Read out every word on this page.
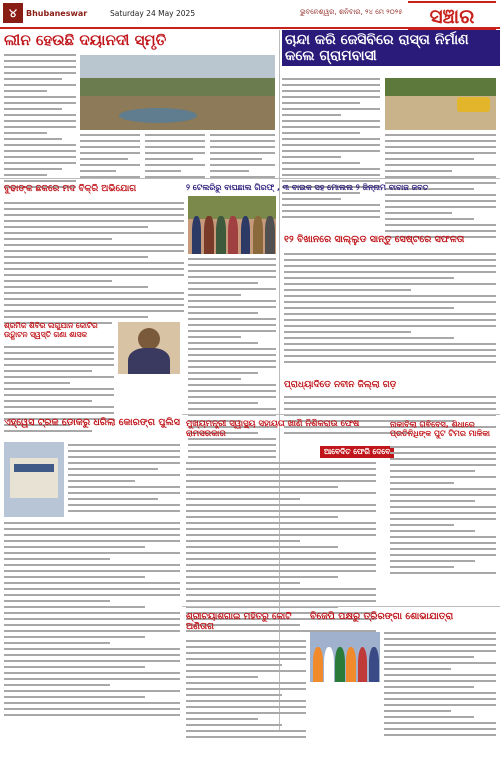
୪	Bhubaneswar	Saturday 24 May 2025	ଭୁବନେଶ୍ୱର, ଶନିବାର, ୨୪ ମେ ୨୦୨୫	ସଞ୍ଚାର
ଲୀନ ହେଉଛି ଦୟାନଦୀ ସ୍ମୃତି	ଚାନ୍ଦା କରି ଜେସିବିରେ ରାସ୍ତା ନିର୍ମାଣ କଲେ ଗ୍ରାମବାସୀ
ବୁଢାଙ୍କ ଛକରେ ମଦ ବିକ୍ରି ଅଭିଯୋଗ	୨ ଟେଲରିରୁ ବାଘଛାଲ ଗିରଫ୍ , ୩ ବାଇକ ସହ ମୋଲଲ ୨ ଜିନ୍ନାମ ବାବାଜ ଜବତ
୧୨ ବିଖାନରେ ସାଲ୍ଲୁଡ ସାନ୍ତୁ ସେଷ୍ଟରେ ସଫଳତା
ଶ୍ରମିକ ଶିବିର ଲଗୁଯାନ କୋଟିର ଉଦ୍ଘାଟନ ସ୍ୱସ୍ତି ଗଣା ଶାସକ
ଏହ୍ୱେସ ଟ୍ରକ ଡୋକରୁ ଧରିଲା କୋରଙ୍ଗ ପୁଲିସ
ପ୍ରାଧ୍ୟାଦିଡେ ନବୀନ ଜିଲ୍ଲା ଗଡ଼
ମୁଖ୍ୟମନ୍ତ୍ରୀ ସ୍ୱାସ୍ଥ୍ୟ ସହାୟତା ଖାଣି ନିଶିକରାଉ ଫେଷ ରାମସରକାର
ଆବେଦିତ ଫେରି ଦେବେ
ନାକାବିଲା ଗଵିବେସ, ଶିଧାରେ ପ୍ରତିନିଧିଙ୍କ ପୁଟ ଟିମର ମାଳିକା
ଶ୍ରୀଚୟାଶଗାଇ ମହିତରୁ କୋଟି ଅଣିତାଗ
ବିଜେପି ପକ୍ଷରୁ ତ୍ରିରଙ୍ଗା ଶୋଭାଯାତ୍ରା
